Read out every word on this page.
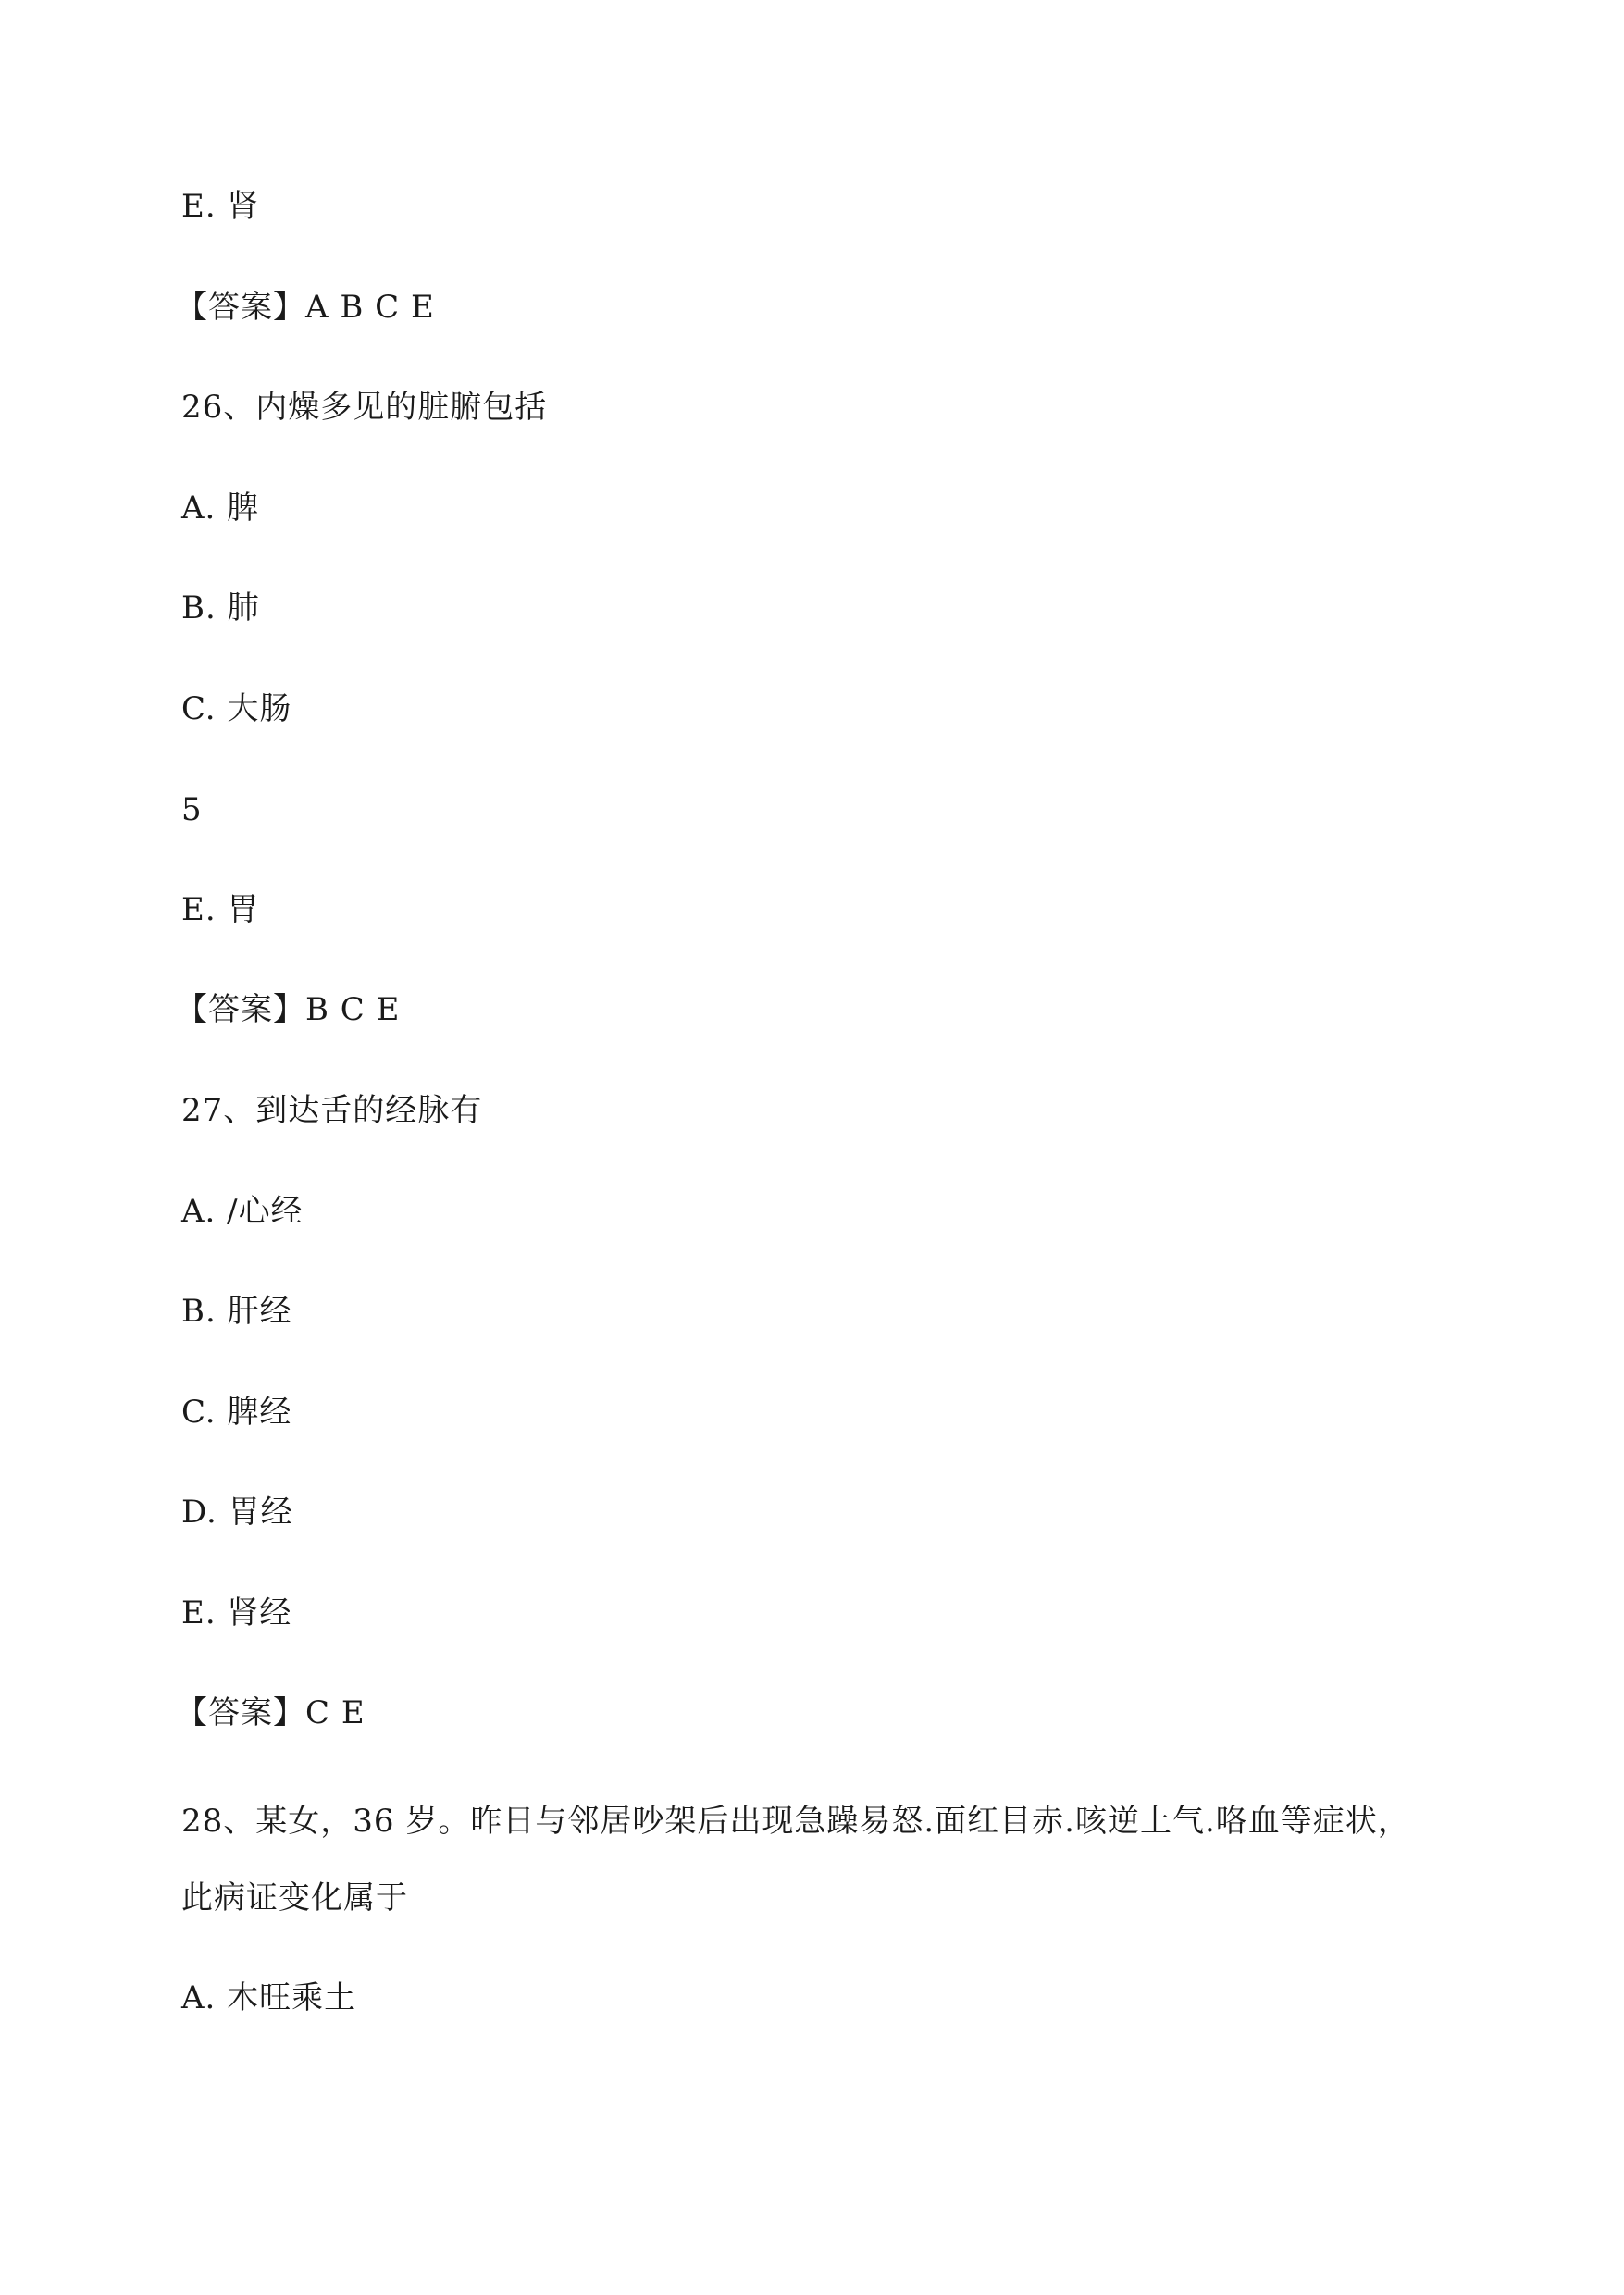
E. 肾
【答案】A B C E
26、内燥多见的脏腑包括
A. 脾
B. 肺
C. 大肠
5
E. 胃
【答案】B C E
27、到达舌的经脉有
A. /心经
B. 肝经
C. 脾经
D. 胃经
E. 肾经
【答案】C E
28、某女，36 岁。昨日与邻居吵架后出现急躁易怒.面红目赤.咳逆上气.咯血等症状，
此病证变化属于
A. 木旺乘土
